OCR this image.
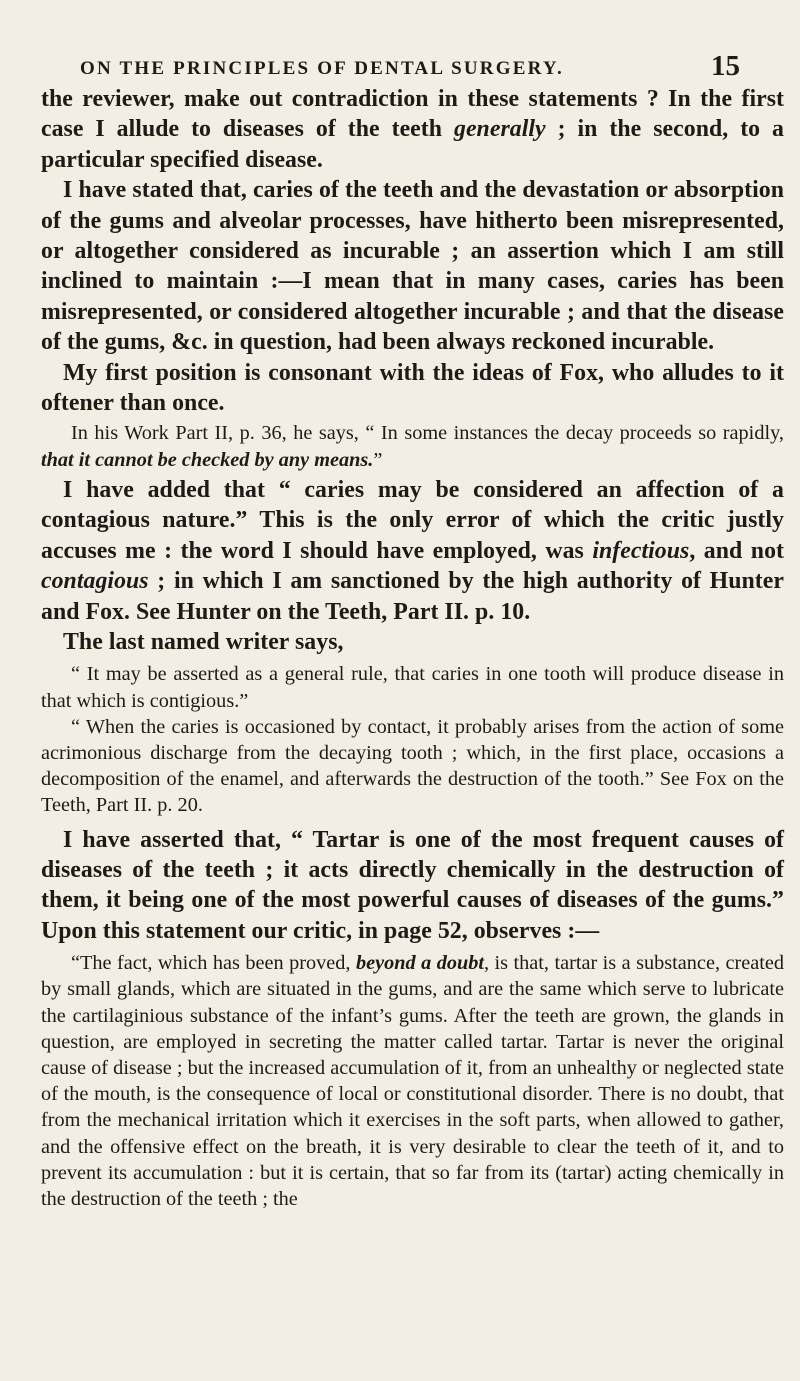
ON THE PRINCIPLES OF DENTAL SURGERY.	15

the reviewer, make out contradiction in these statements ? In the first case I allude to diseases of the teeth generally ; in the second, to a particular specified disease.

I have stated that, caries of the teeth and the devastation or absorption of the gums and alveolar processes, have hitherto been misrepresented, or altogether considered as incurable ; an assertion which I am still inclined to maintain :—I mean that in many cases, caries has been misrepresented, or considered altogether incurable ; and that the disease of the gums, &c. in question, had been always reckoned incurable.

My first position is consonant with the ideas of Fox, who alludes to it oftener than once.

In his Work Part II, p. 36, he says, “ In some instances the decay proceeds so rapidly, that it cannot be checked by any means.”

I have added that “ caries may be considered an affection of a contagious nature.” This is the only error of which the critic justly accuses me : the word I should have employed, was infectious, and not contagious ; in which I am sanctioned by the high authority of Hunter and Fox. See Hunter on the Teeth, Part II. p. 10.

The last named writer says,

“ It may be asserted as a general rule, that caries in one tooth will produce disease in that which is contigious.”

“ When the caries is occasioned by contact, it probably arises from the action of some acrimonious discharge from the decaying tooth ; which, in the first place, occasions a decomposition of the enamel, and afterwards the destruction of the tooth.” See Fox on the Teeth, Part II. p. 20.

I have asserted that, “ Tartar is one of the most frequent causes of diseases of the teeth ; it acts directly chemically in the destruction of them, it being one of the most powerful causes of diseases of the gums.” Upon this statement our critic, in page 52, observes :—

“The fact, which has been proved, beyond a doubt, is that, tartar is a substance, created by small glands, which are situated in the gums, and are the same which serve to lubricate the cartilaginious substance of the infant’s gums. After the teeth are grown, the glands in question, are employed in secreting the matter called tartar. Tartar is never the original cause of disease ; but the increased accumulation of it, from an unhealthy or neglected state of the mouth, is the consequence of local or constitutional disorder. There is no doubt, that from the mechanical irritation which it exercises in the soft parts, when allowed to gather, and the offensive effect on the breath, it is very desirable to clear the teeth of it, and to prevent its accumulation : but it is certain, that so far from its (tartar) acting chemically in the destruction of the teeth ; the
